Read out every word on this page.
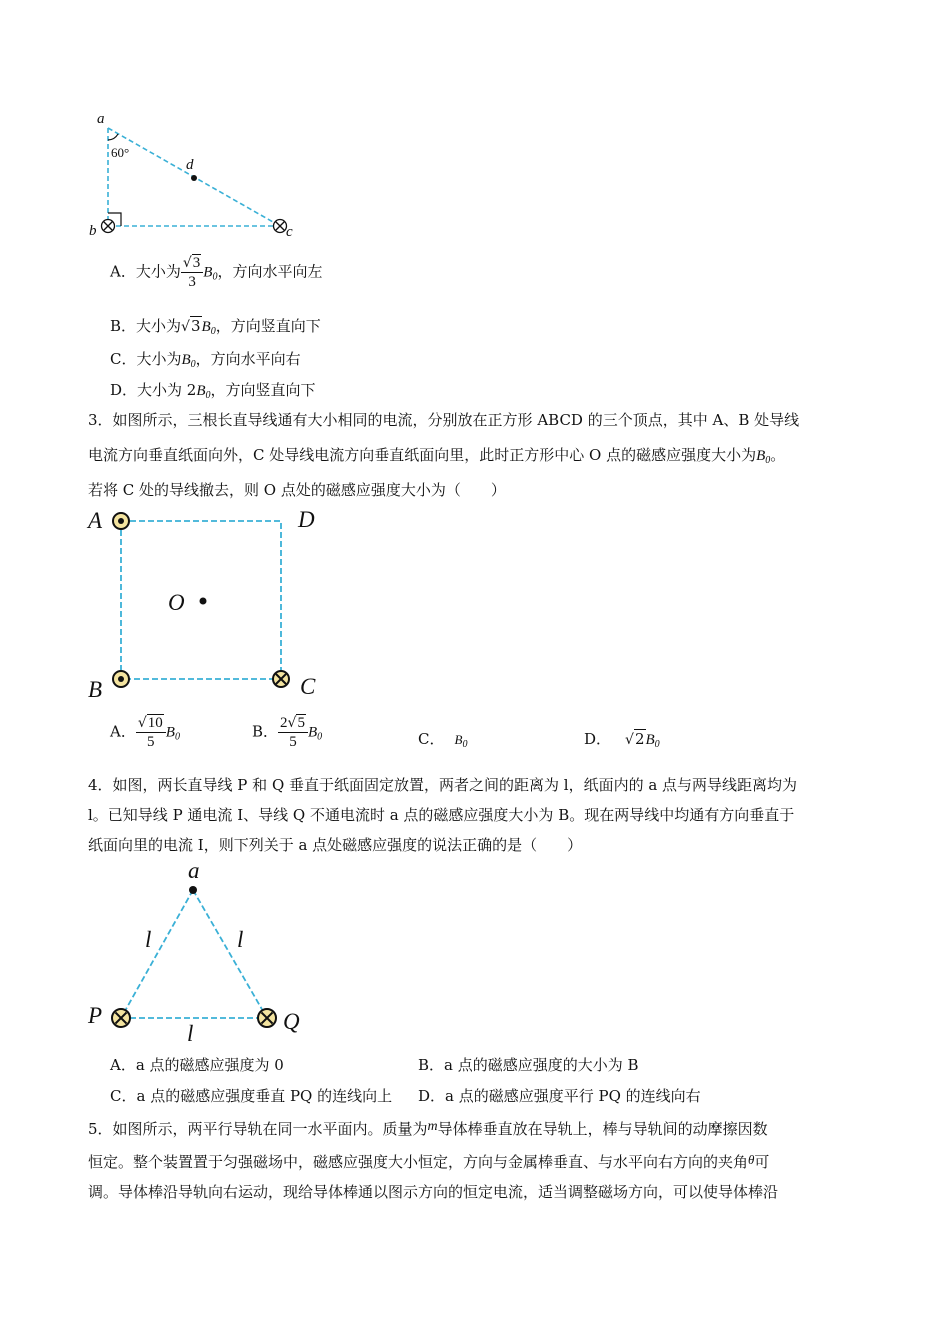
a
d
b	c
60°
A．大小为 $\frac{√3}{3} B_0$，方向水平向左
B．大小为$√3B_0$，方向竖直向下
C．大小为$B_0$，方向水平向右
D．大小为 $2B_0$，方向竖直向下
3．如图所示，三根长直导线通有大小相同的电流，分别放在正方形 ABCD 的三个顶点，其中 A、B 处导线
电流方向垂直纸面向外，C 处导线电流方向垂直纸面向里，此时正方形中心 O 点的磁感应强度大小为$B_0$。
若将 C 处的导线撤去，则 O 点处的磁感应强度大小为（　　）
A	D
O
B	C
A． $\frac{√10}{5} B_0$	B． $\frac{2√5}{5} B_0$	C． $B_0$	D． $√2B_0$
4．如图，两长直导线 P 和 Q 垂直于纸面固定放置，两者之间的距离为 l，纸面内的 a 点与两导线距离均为
l。已知导线 P 通电流 I、导线 Q 不通电流时 a 点的磁感应强度大小为 B。现在两导线中均通有方向垂直于
纸面向里的电流 I，则下列关于 a 点处磁感应强度的说法正确的是（　　）
a
l	l
P	Q
l
A．a 点的磁感应强度为 0	B．a 点的磁感应强度的大小为 B
C．a 点的磁感应强度垂直 PQ 的连线向上 D．a 点的磁感应强度平行 PQ 的连线向右
5．如图所示，两平行导轨在同一水平面内。质量为m导体棒垂直放在导轨上，棒与导轨间的动摩擦因数
恒定。整个装置置于匀强磁场中，磁感应强度大小恒定，方向与金属棒垂直、与水平向右方向的夹角θ可
调。导体棒沿导轨向右运动，现给导体棒通以图示方向的恒定电流，适当调整磁场方向，可以使导体棒沿
